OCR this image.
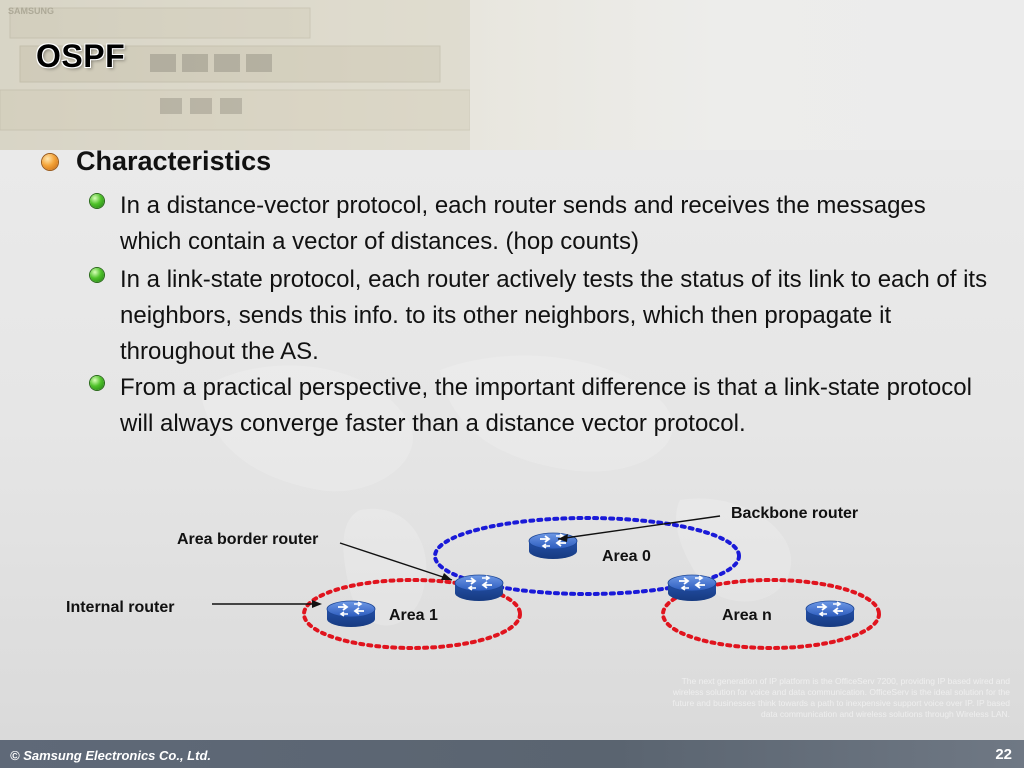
SAMSUNG
OSPF
Characteristics
In a distance-vector protocol, each router sends and receives the messages which contain a vector of distances. (hop counts)
In a link-state protocol, each router actively tests the status of its link to each of its neighbors, sends this info. to its other neighbors, which then propagate it throughout the AS.
From a practical perspective, the important difference is that a link-state protocol will always converge faster than a distance vector protocol.
Backbone router
Area border router
Internal router
Area 0
Area 1	Area n
The next generation of IP platform is the OfficeServ 7200, providing IP based wired and wireless solution for voice and data communication. OfficeServ is the ideal solution for the future and businesses think towards a path to inexpensive support voice over IP. IP based data communication and wireless solutions through Wireless LAN.
© Samsung Electronics Co., Ltd.	22
